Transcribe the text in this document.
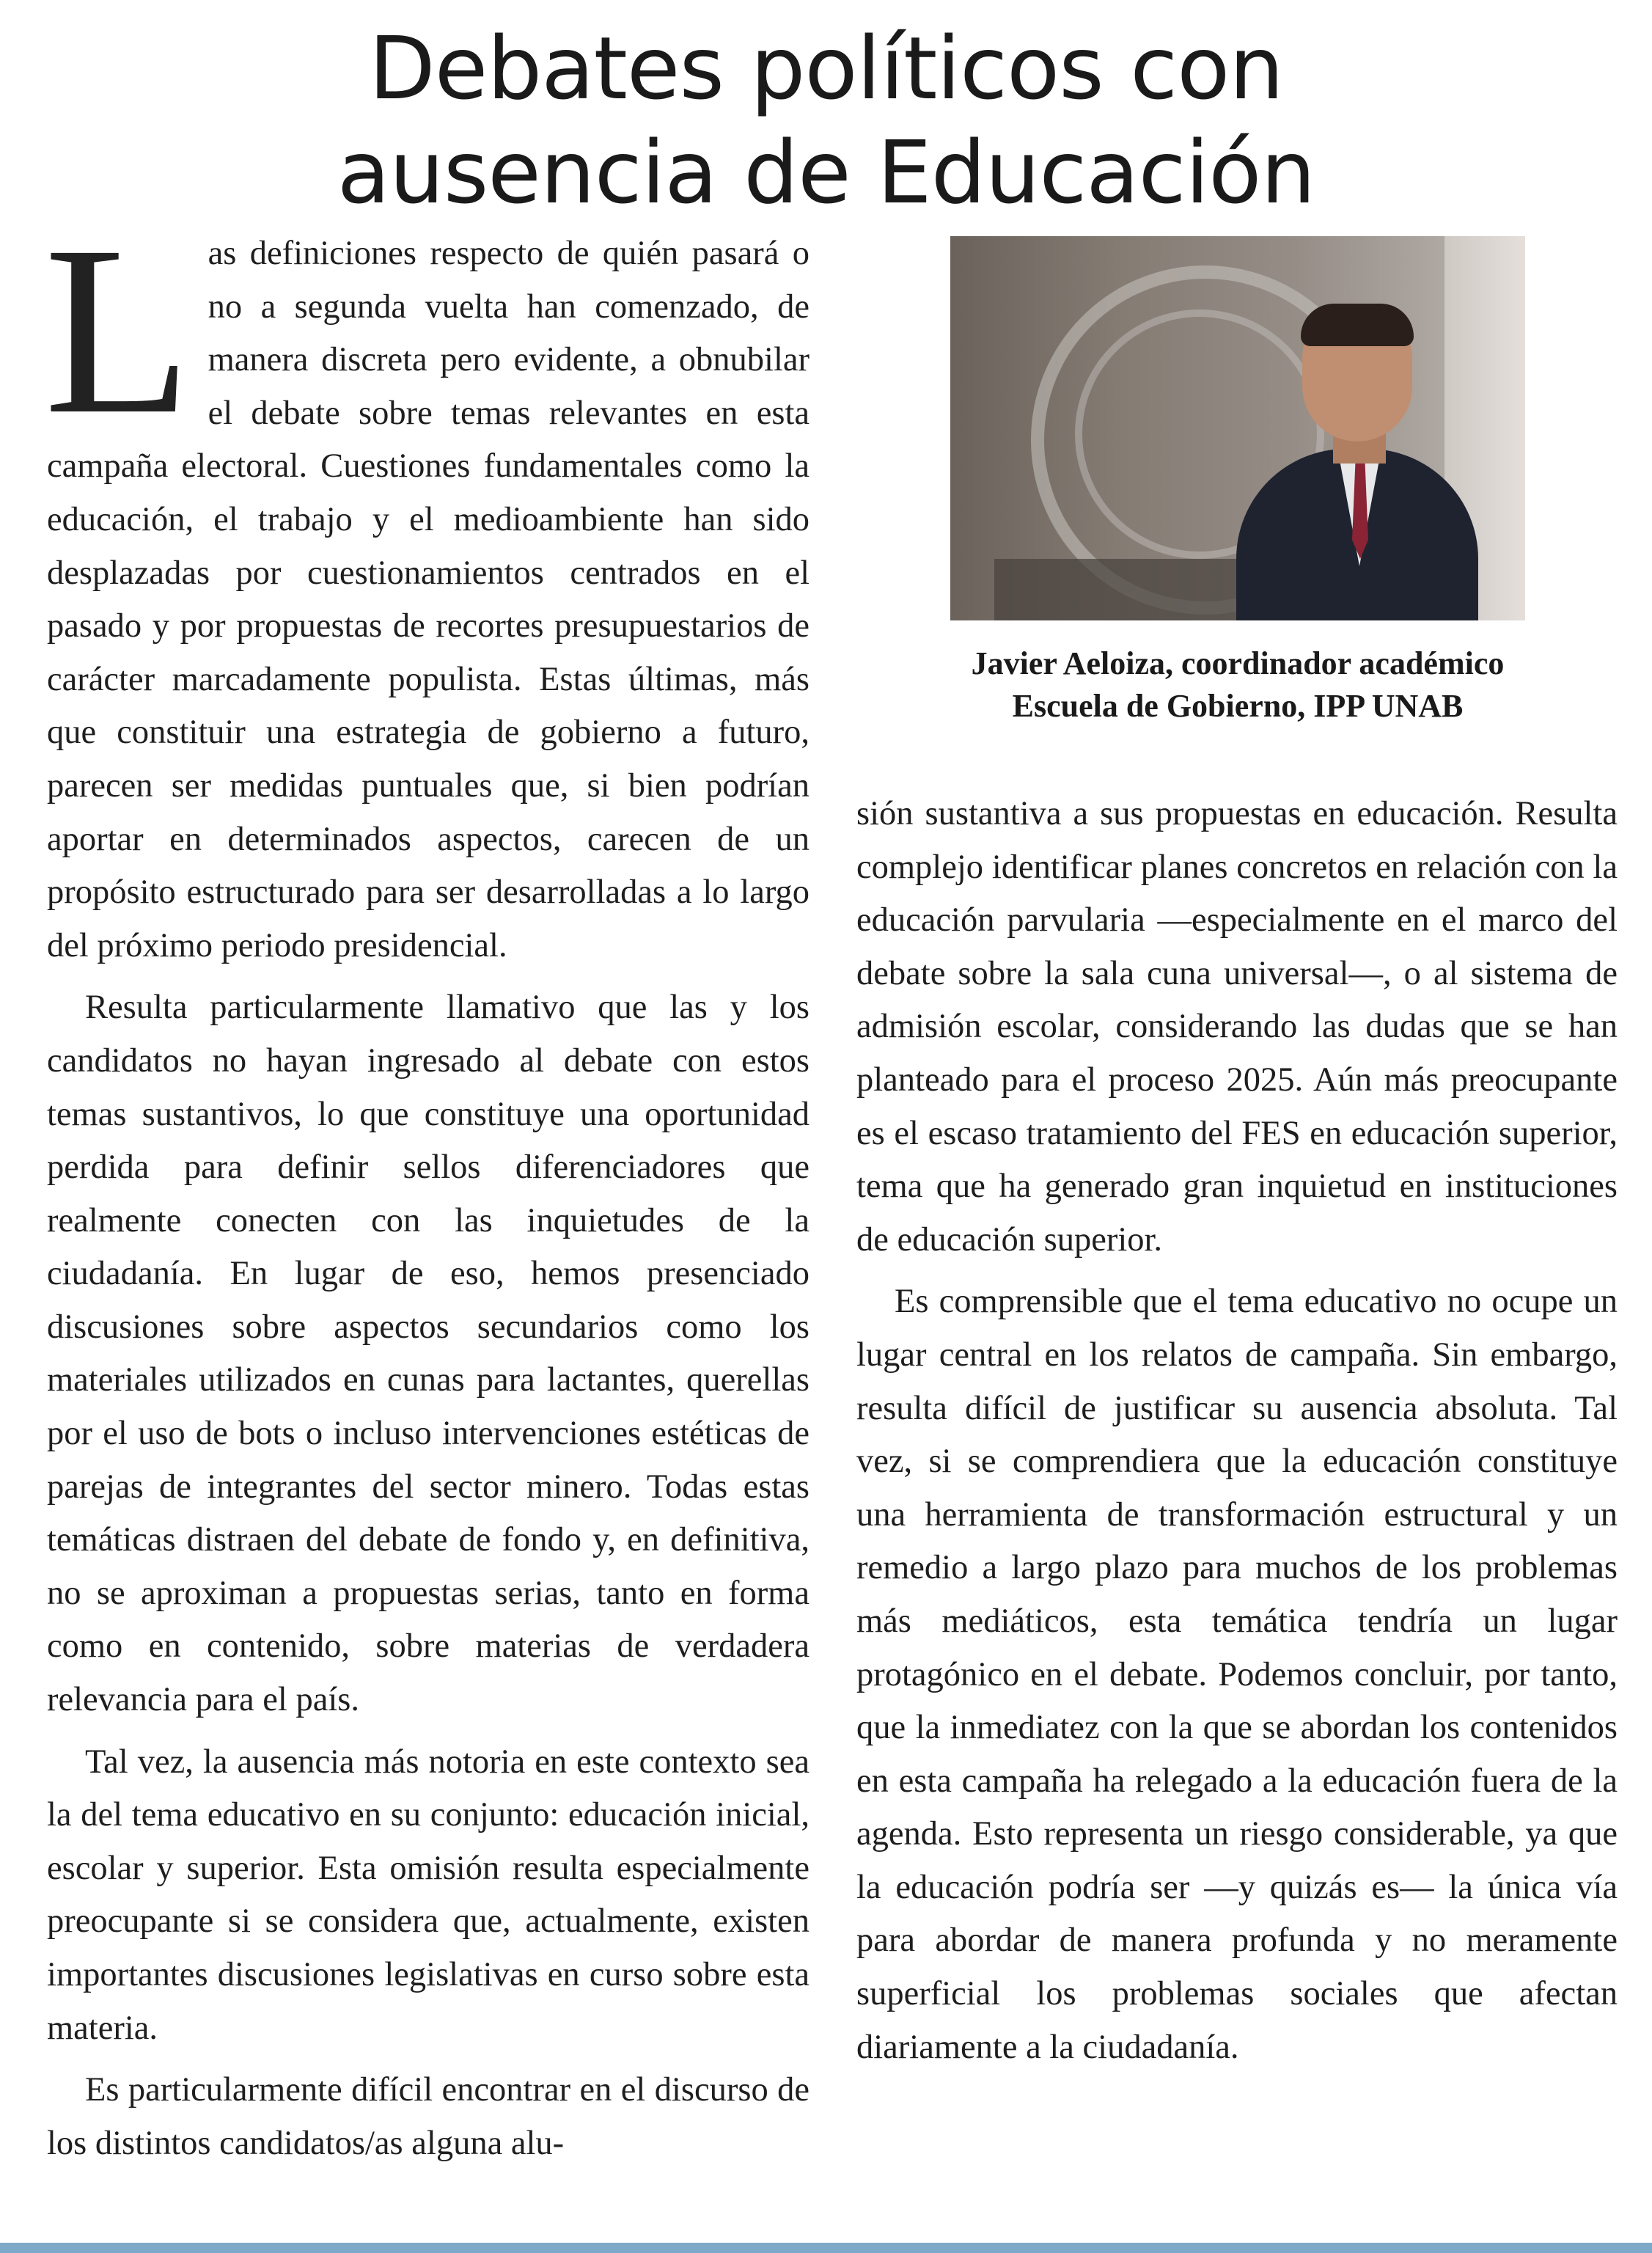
Debates políticos con
ausencia de Educación

Las definiciones respecto de quién pasará o no a segunda vuelta han comenzado, de manera discreta pero evidente, a obnubilar el debate sobre temas relevantes en esta campaña electoral. Cuestiones fundamentales como la educación, el trabajo y el medioambiente han sido desplazadas por cuestionamientos centrados en el pasado y por propuestas de recortes presupuestarios de carácter marcadamente populista. Estas últimas, más que constituir una estrategia de gobierno a futuro, parecen ser medidas puntuales que, si bien podrían aportar en determinados aspectos, carecen de un propósito estructurado para ser desarrolladas a lo largo del próximo periodo presidencial.

Resulta particularmente llamativo que las y los candidatos no hayan ingresado al debate con estos temas sustantivos, lo que constituye una oportunidad perdida para definir sellos diferenciadores que realmente conecten con las inquietudes de la ciudadanía. En lugar de eso, hemos presenciado discusiones sobre aspectos secundarios como los materiales utilizados en cunas para lactantes, querellas por el uso de bots o incluso intervenciones estéticas de parejas de integrantes del sector minero. Todas estas temáticas distraen del debate de fondo y, en definitiva, no se aproximan a propuestas serias, tanto en forma como en contenido, sobre materias de verdadera relevancia para el país.

Tal vez, la ausencia más notoria en este contexto sea la del tema educativo en su conjunto: educación inicial, escolar y superior. Esta omisión resulta especialmente preocupante si se considera que, actualmente, existen importantes discusiones legislativas en curso sobre esta materia.

Es particularmente difícil encontrar en el discurso de los distintos candidatos/as alguna alu-

Javier Aeloiza, coordinador académico
Escuela de Gobierno, IPP UNAB

sión sustantiva a sus propuestas en educación. Resulta complejo identificar planes concretos en relación con la educación parvularia —especialmente en el marco del debate sobre la sala cuna universal—, o al sistema de admisión escolar, considerando las dudas que se han planteado para el proceso 2025. Aún más preocupante es el escaso tratamiento del FES en educación superior, tema que ha generado gran inquietud en instituciones de educación superior.

Es comprensible que el tema educativo no ocupe un lugar central en los relatos de campaña. Sin embargo, resulta difícil de justificar su ausencia absoluta. Tal vez, si se comprendiera que la educación constituye una herramienta de transformación estructural y un remedio a largo plazo para muchos de los problemas más mediáticos, esta temática tendría un lugar protagónico en el debate. Podemos concluir, por tanto, que la inmediatez con la que se abordan los contenidos en esta campaña ha relegado a la educación fuera de la agenda. Esto representa un riesgo considerable, ya que la educación podría ser —y quizás es— la única vía para abordar de manera profunda y no meramente superficial los problemas sociales que afectan diariamente a la ciudadanía.
